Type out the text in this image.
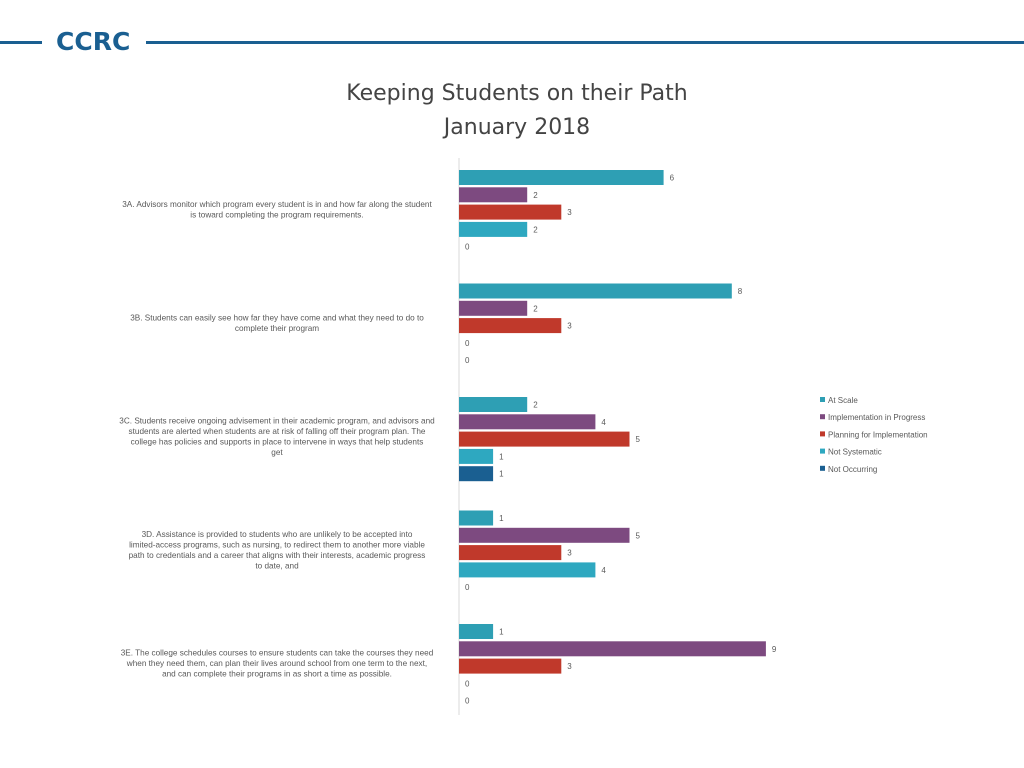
CCRC
Keeping Students on their Path
January 2018
3A. Advisors monitor which program every student is in and how far along the student is toward completing the program requirements.
6
2
3
2
0
3B. Students can easily see how far they have come and what they need to do to complete their program
8
2
3
0
0
3C. Students receive ongoing advisement in their academic program, and advisors and students are alerted when students are at risk of falling off their program plan. The college has policies and supports in place to intervene in ways that help students get
2
4
5
1
1
3D. Assistance is provided to students who are unlikely to be accepted into limited-access programs, such as nursing, to redirect them to another more viable path to credentials and a career that aligns with their interests, academic progress to date, and
1
5
3
4
0
3E. The college schedules courses to ensure students can take the courses they need when they need them, can plan their lives around school from one term to the next, and can complete their programs in as short a time as possible.
1
9
3
0
0
At Scale
Implementation in Progress
Planning for Implementation
Not Systematic
Not Occurring
